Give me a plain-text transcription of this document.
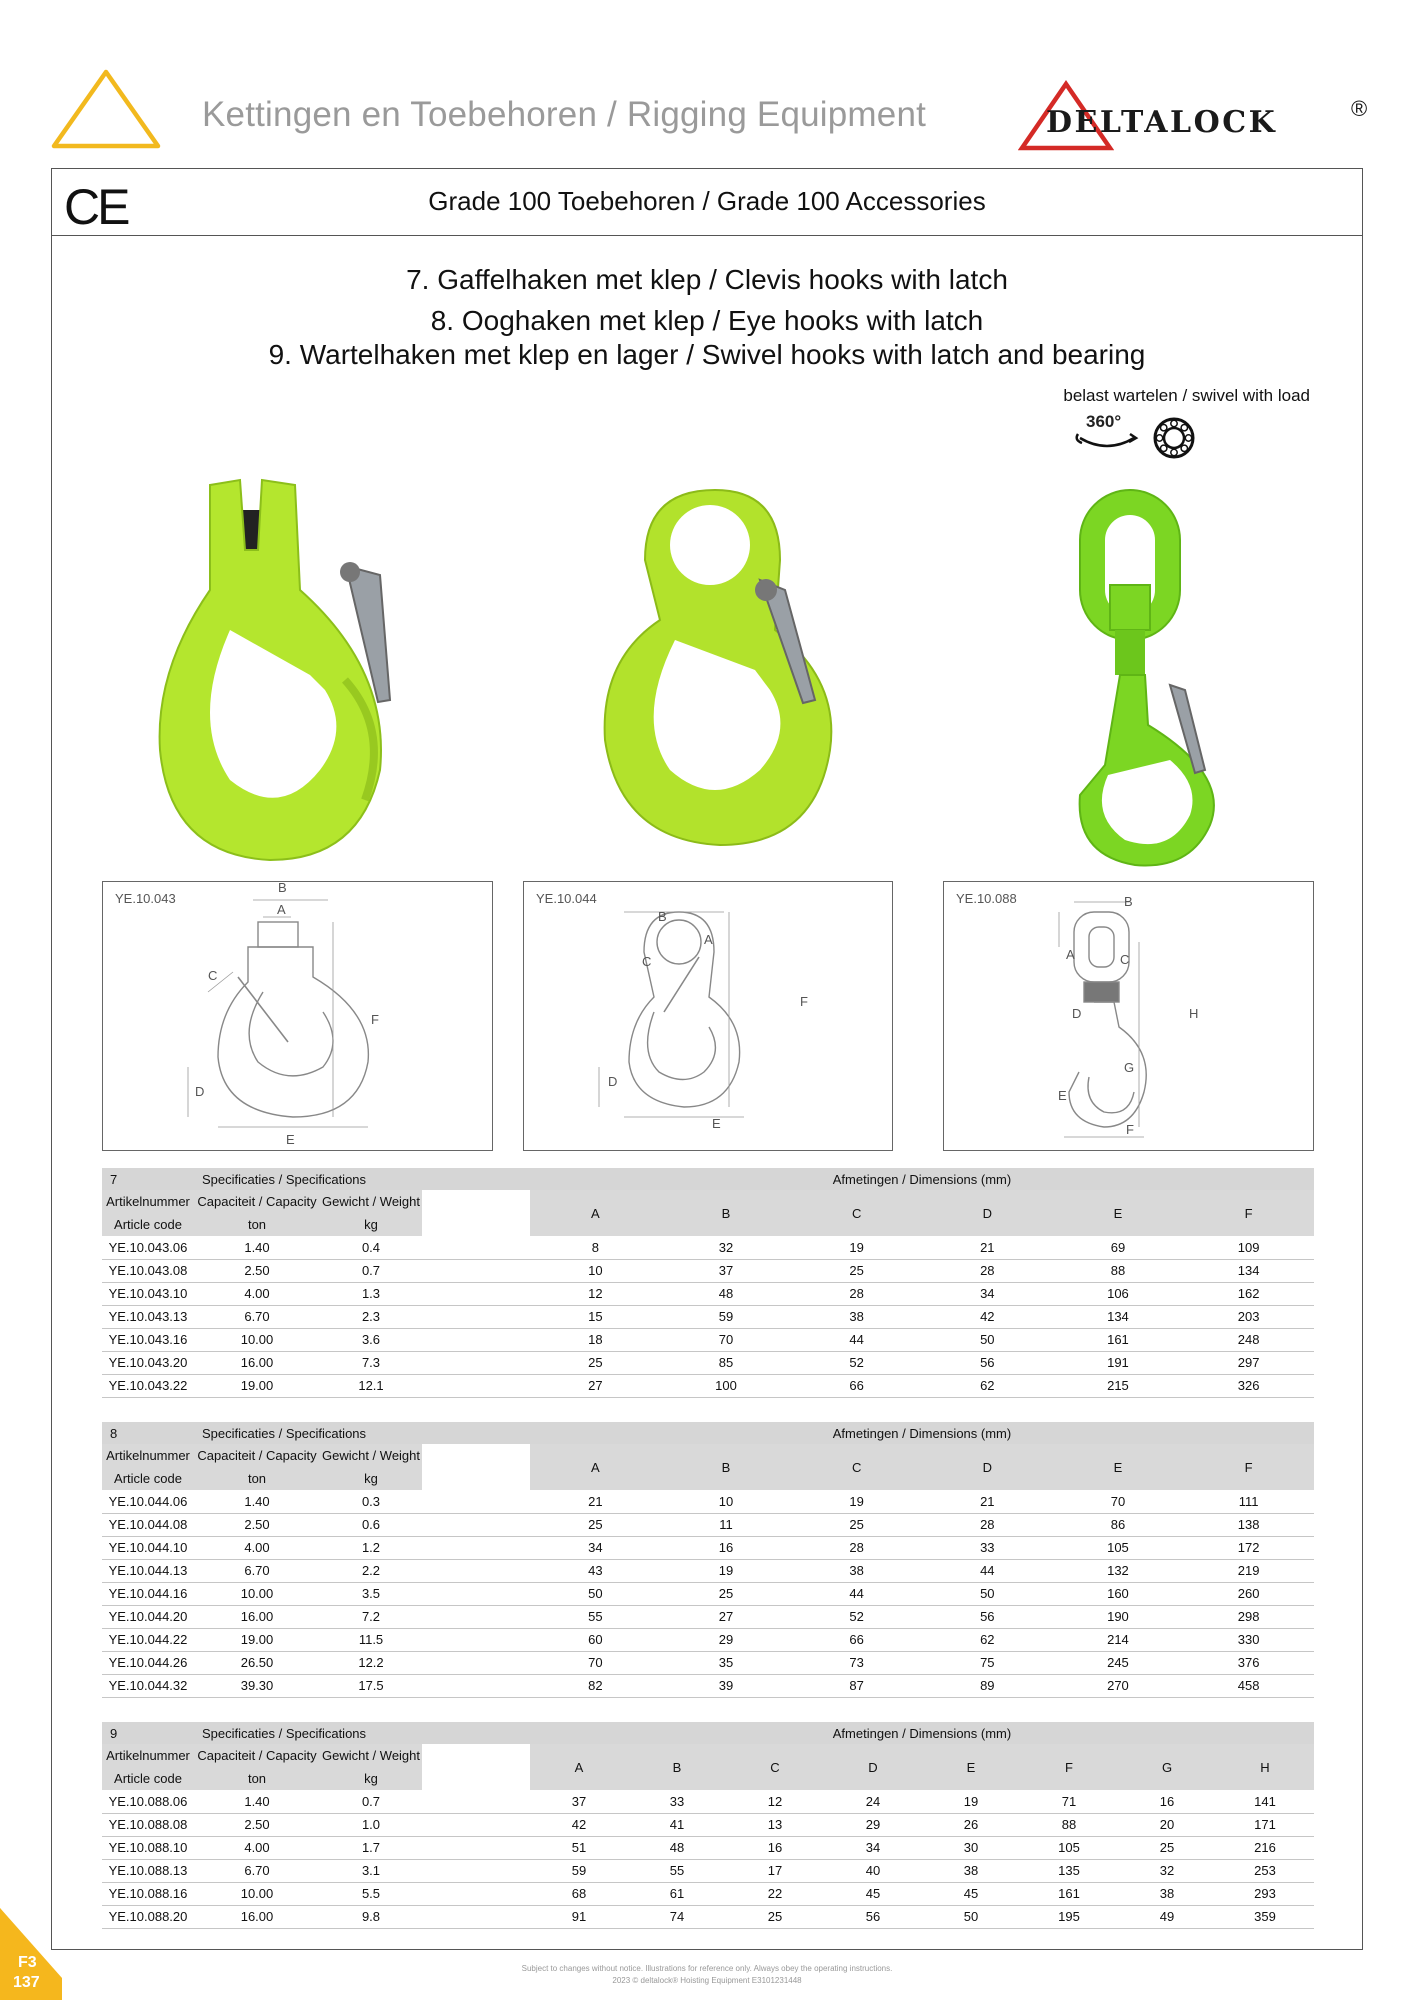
Kettingen en Toebehoren / Rigging Equipment	DELTALOCK	®
CE	Grade 100 Toebehoren / Grade 100 Accessories
7. Gaffelhaken met klep / Clevis hooks with latch
8. Ooghaken met klep / Eye hooks with latch
9. Wartelhaken met klep en lager / Swivel hooks with latch and bearing
belast wartelen / swivel with load
360°
YE.10.043
B
A
C
F
D
E
YE.10.044
B
A
C
F
D
E
YE.10.088	B
A	C
D	H
G
E
F
7	Specificaties / Specifications			Afmetingen / Dimensions (mm)					
Artikelnummer	Capaciteit / Capacity	Gewicht / Weight		A	B	C	D	E	F
Article code	ton	kg							
YE.10.043.06	1.40	0.4		8	32	19	21	69	109
YE.10.043.08	2.50	0.7		10	37	25	28	88	134
YE.10.043.10	4.00	1.3		12	48	28	34	106	162
YE.10.043.13	6.70	2.3		15	59	38	42	134	203
YE.10.043.16	10.00	3.6		18	70	44	50	161	248
YE.10.043.20	16.00	7.3		25	85	52	56	191	297
YE.10.043.22	19.00	12.1		27	100	66	62	215	326
8	Specificaties / Specifications			Afmetingen / Dimensions (mm)					
Artikelnummer	Capaciteit / Capacity	Gewicht / Weight		A	B	C	D	E	F
Article code	ton	kg							
YE.10.044.06	1.40	0.3		21	10	19	21	70	111
YE.10.044.08	2.50	0.6		25	11	25	28	86	138
YE.10.044.10	4.00	1.2		34	16	28	33	105	172
YE.10.044.13	6.70	2.2		43	19	38	44	132	219
YE.10.044.16	10.00	3.5		50	25	44	50	160	260
YE.10.044.20	16.00	7.2		55	27	52	56	190	298
YE.10.044.22	19.00	11.5		60	29	66	62	214	330
YE.10.044.26	26.50	12.2		70	35	73	75	245	376
YE.10.044.32	39.30	17.5		82	39	87	89	270	458
9	Specificaties / Specifications			Afmetingen / Dimensions (mm)							
Artikelnummer	Capaciteit / Capacity	Gewicht / Weight		A	B	C	D	E	F	G	H
Article code	ton	kg									
YE.10.088.06	1.40	0.7		37	33	12	24	19	71	16	141
YE.10.088.08	2.50	1.0		42	41	13	29	26	88	20	171
YE.10.088.10	4.00	1.7		51	48	16	34	30	105	25	216
YE.10.088.13	6.70	3.1		59	55	17	40	38	135	32	253
YE.10.088.16	10.00	5.5		68	61	22	45	45	161	38	293
YE.10.088.20	16.00	9.8		91	74	25	56	50	195	49	359
F3
137
Subject to changes without notice. Illustrations for reference only. Always obey the operating instructions.
2023 © deltalock® Hoisting Equipment E3101231448
